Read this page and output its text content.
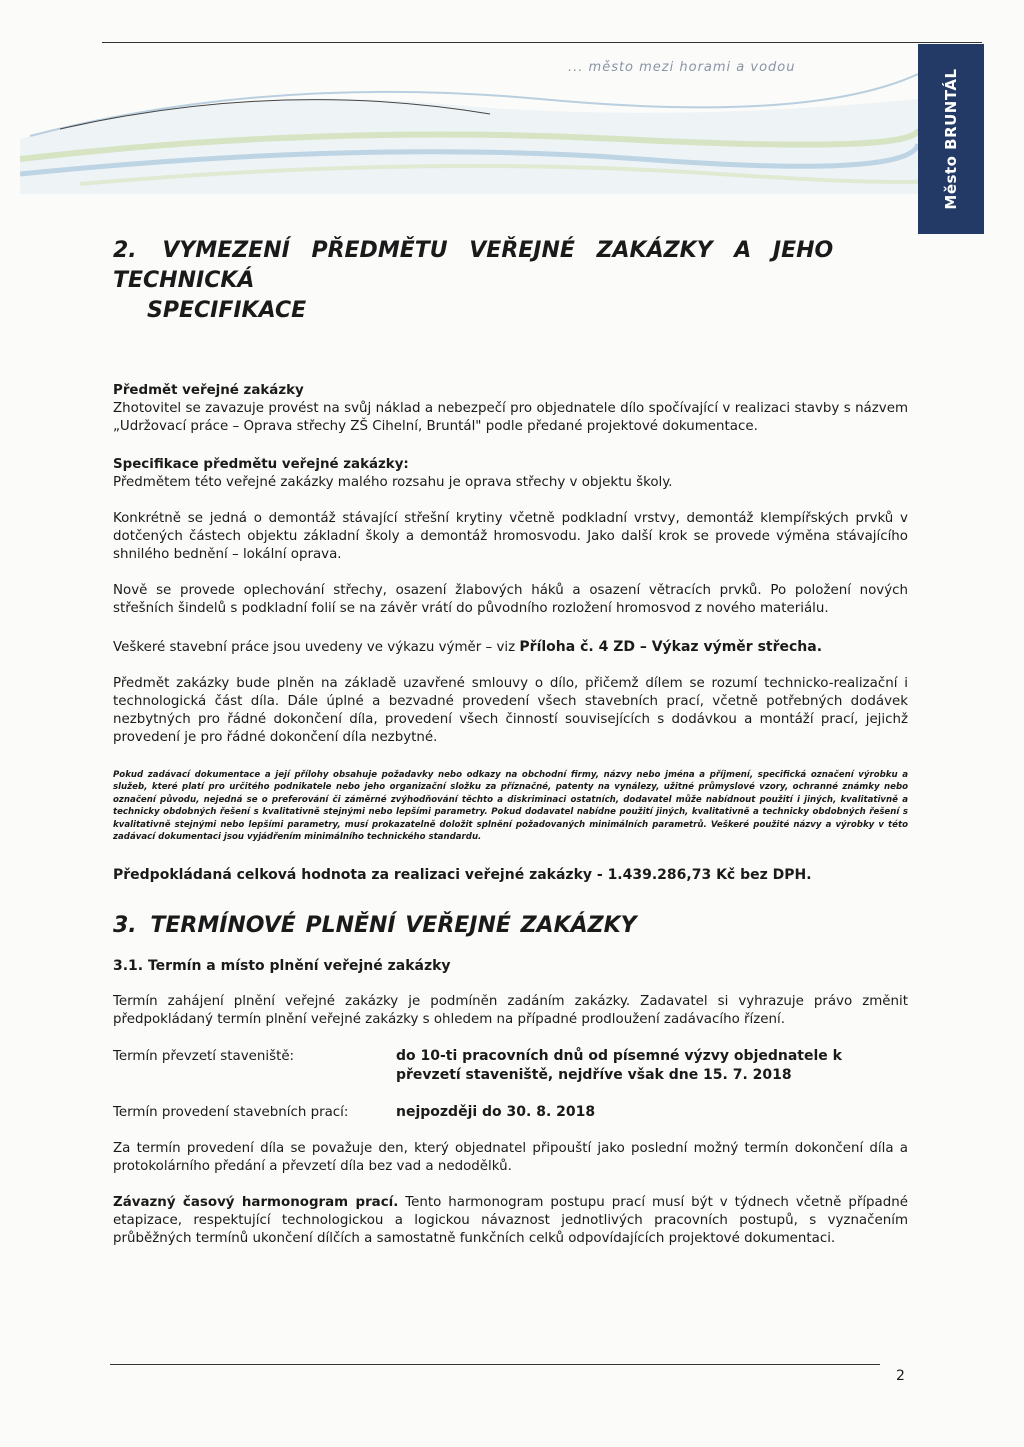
... město mezi horami a vodou
Město BRUNTÁL
2. VYMEZENÍ PŘEDMĚTU VEŘEJNÉ ZAKÁZKY A JEHO TECHNICKÁ
SPECIFIKACE

Předmět veřejné zakázky

Zhotovitel se zavazuje provést na svůj náklad a nebezpečí pro objednatele dílo spočívající v realizaci stavby s názvem „Udržovací práce – Oprava střechy ZŠ Cihelní, Bruntál" podle předané projektové dokumentace.

Specifikace předmětu veřejné zakázky:

Předmětem této veřejné zakázky malého rozsahu je oprava střechy v objektu školy.

Konkrétně se jedná o demontáž stávající střešní krytiny včetně podkladní vrstvy, demontáž klempířských prvků v dotčených částech objektu základní školy a demontáž hromosvodu. Jako další krok se provede výměna stávajícího shnilého bednění – lokální oprava.

Nově se provede oplechování střechy, osazení žlabových háků a osazení větracích prvků. Po položení nových střešních šindelů s podkladní folií se na závěr vrátí do původního rozložení hromosvod z nového materiálu.

Veškeré stavební práce jsou uvedeny ve výkazu výměr – viz Příloha č. 4 ZD – Výkaz výměr střecha.

Předmět zakázky bude plněn na základě uzavřené smlouvy o dílo, přičemž dílem se rozumí technicko-realizační i technologická část díla. Dále úplné a bezvadné provedení všech stavebních prací, včetně potřebných dodávek nezbytných pro řádné dokončení díla, provedení všech činností souvisejících s dodávkou a montáží prací, jejichž provedení je pro řádné dokončení díla nezbytné.

Pokud zadávací dokumentace a její přílohy obsahuje požadavky nebo odkazy na obchodní firmy, názvy nebo jména a příjmení, specifická označení výrobku a služeb, které platí pro určitého podnikatele nebo jeho organizační složku za příznačné, patenty na vynálezy, užitné průmyslové vzory, ochranné známky nebo označení původu, nejedná se o preferování či záměrné zvýhodňování těchto a diskriminaci ostatních, dodavatel může nabídnout použití i jiných, kvalitativně a technicky obdobných řešení s kvalitativně stejnými nebo lepšími parametry. Pokud dodavatel nabídne použití jiných, kvalitativně a technicky obdobných řešení s kvalitativně stejnými nebo lepšími parametry, musí prokazatelně doložit splnění požadovaných minimálních parametrů. Veškeré použité názvy a výrobky v této zadávací dokumentaci jsou vyjádřením minimálního technického standardu.

Předpokládaná celková hodnota za realizaci veřejné zakázky - 1.439.286,73 Kč bez DPH.

3. TERMÍNOVÉ PLNĚNÍ VEŘEJNÉ ZAKÁZKY

3.1. Termín a místo plnění veřejné zakázky

Termín zahájení plnění veřejné zakázky je podmíněn zadáním zakázky. Zadavatel si vyhrazuje právo změnit předpokládaný termín plnění veřejné zakázky s ohledem na případné prodloužení zadávacího řízení.

Termín převzetí staveniště:	do 10-ti pracovních dnů od písemné výzvy objednatele k převzetí staveniště, nejdříve však dne 15. 7. 2018
Termín provedení stavebních prací:	nejpozději do 30. 8. 2018

Za termín provedení díla se považuje den, který objednatel připouští jako poslední možný termín dokončení díla a protokolárního předání a převzetí díla bez vad a nedodělků.

Závazný časový harmonogram prací. Tento harmonogram postupu prací musí být v týdnech včetně případné etapizace, respektující technologickou a logickou návaznost jednotlivých pracovních postupů, s vyznačením průběžných termínů ukončení dílčích a samostatně funkčních celků odpovídajících projektové dokumentaci.

2
